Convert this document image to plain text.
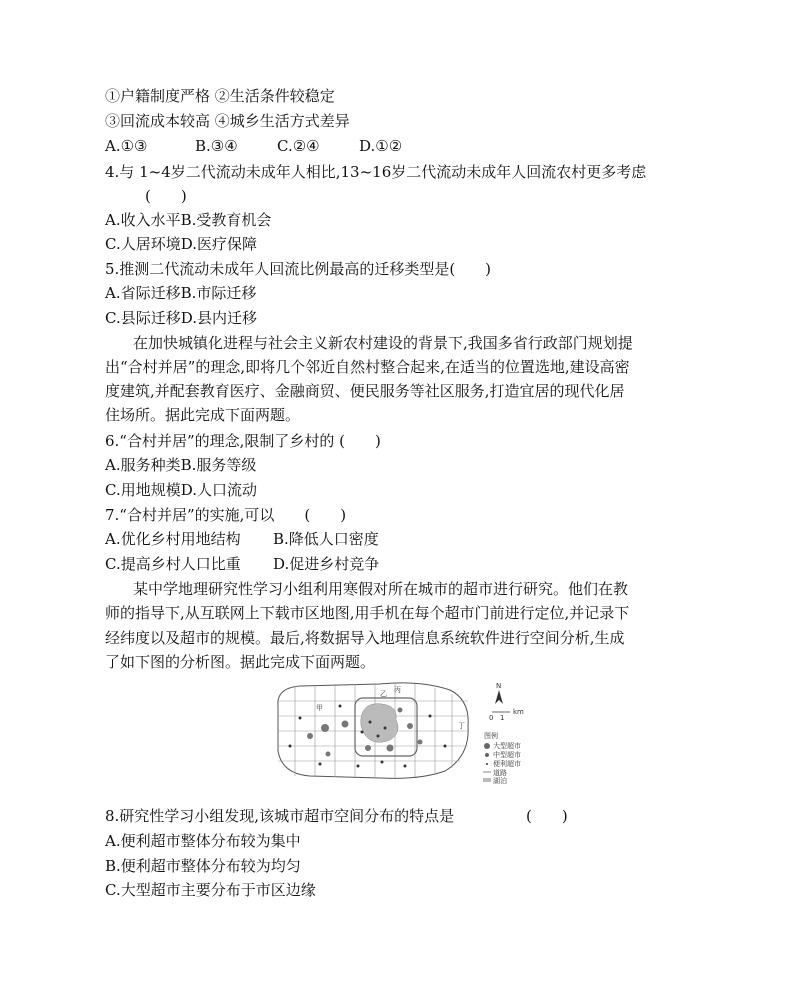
①户籍制度严格 ②生活条件较稳定
③回流成本较高 ④城乡生活方式差异
A.①③	B.③④	C.②④	D.①②
4.与 1~4岁二代流动未成年人相比,13~16岁二代流动未成年人回流农村更多考虑
(　　)
A.收入水平B.受教育机会
C.人居环境D.医疗保障
5.推测二代流动未成年人回流比例最高的迁移类型是(　　)
A.省际迁移B.市际迁移
C.县际迁移D.县内迁移
在加快城镇化进程与社会主义新农村建设的背景下,我国多省行政部门规划提
出“合村并居”的理念,即将几个邻近自然村整合起来,在适当的位置选地,建设高密
度建筑,并配套教育医疗、金融商贸、便民服务等社区服务,打造宜居的现代化居
住场所。据此完成下面两题。
6.“合村并居”的理念,限制了乡村的 (　　)
A.服务种类B.服务等级
C.用地规模D.人口流动
7.“合村并居”的实施,可以　　(　　)
A.优化乡村用地结构 B.降低人口密度
C.提高乡村人口比重 D.促进乡村竞争
某中学地理研究性学习小组利用寒假对所在城市的超市进行研究。他们在教
师的指导下,从互联网上下载市区地图,用手机在每个超市门前进行定位,并记录下
经纬度以及超市的规模。最后,将数据导入地理信息系统软件进行空间分析,生成
了如下图的分析图。据此完成下面两题。
甲
乙 丙
丁
N
0 1
km
图例
大型超市
中型超市
便利超市
道路
湖泊
8.研究性学习小组发现,该城市超市空间分布的特点是	(　　)
A.便利超市整体分布较为集中
B.便利超市整体分布较为均匀
C.大型超市主要分布于市区边缘
